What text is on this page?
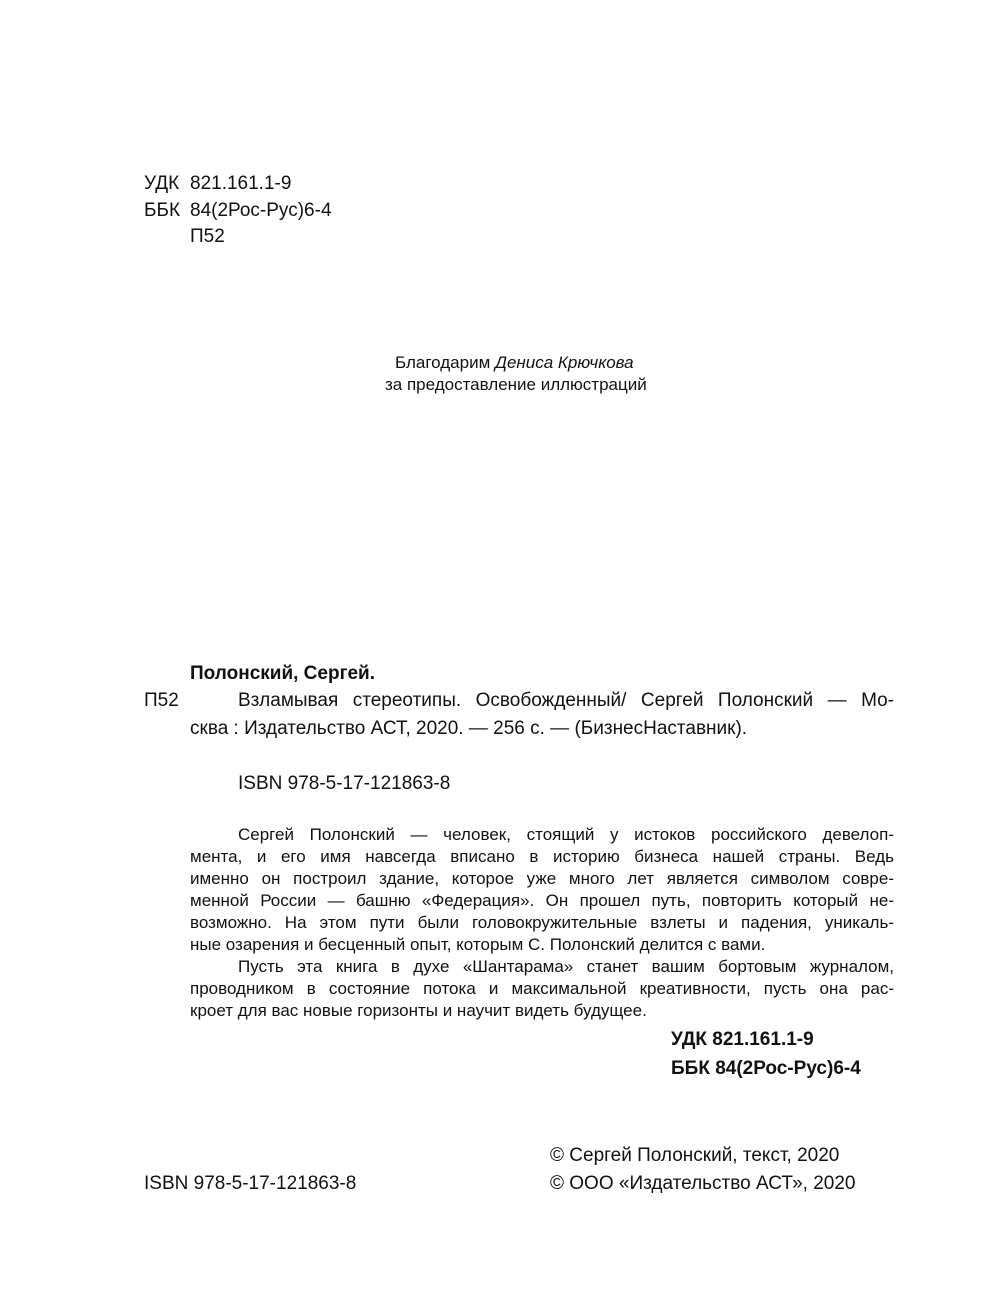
УДК 821.161.1-9
ББК 84(2Рос-Рус)6-4
П52
Благодарим Дениса Крючкова
за предоставление иллюстраций
Полонский, Сергей.
П52	Взламывая стереотипы. Освобожденный/ Сергей Полонский — Мо-
сква : Издательство АСТ, 2020. — 256 с. — (БизнесНаставник).
ISBN 978-5-17-121863-8
Сергей Полонский — человек, стоящий у истоков российского девелоп-
мента, и его имя навсегда вписано в историю бизнеса нашей страны. Ведь
именно он построил здание, которое уже много лет является символом совре-
менной России — башню «Федерация». Он прошел путь, повторить который не-
возможно. На этом пути были головокружительные взлеты и падения, уникаль-
ные озарения и бесценный опыт, которым С. Полонский делится с вами.
Пусть эта книга в духе «Шантарама» станет вашим бортовым журналом,
проводником в состояние потока и максимальной креативности, пусть она рас-
кроет для вас новые горизонты и научит видеть будущее.
УДК 821.161.1-9
ББК 84(2Рос-Рус)6-4
© Сергей Полонский, текст, 2020
© ООО «Издательство АСТ», 2020
ISBN 978-5-17-121863-8
